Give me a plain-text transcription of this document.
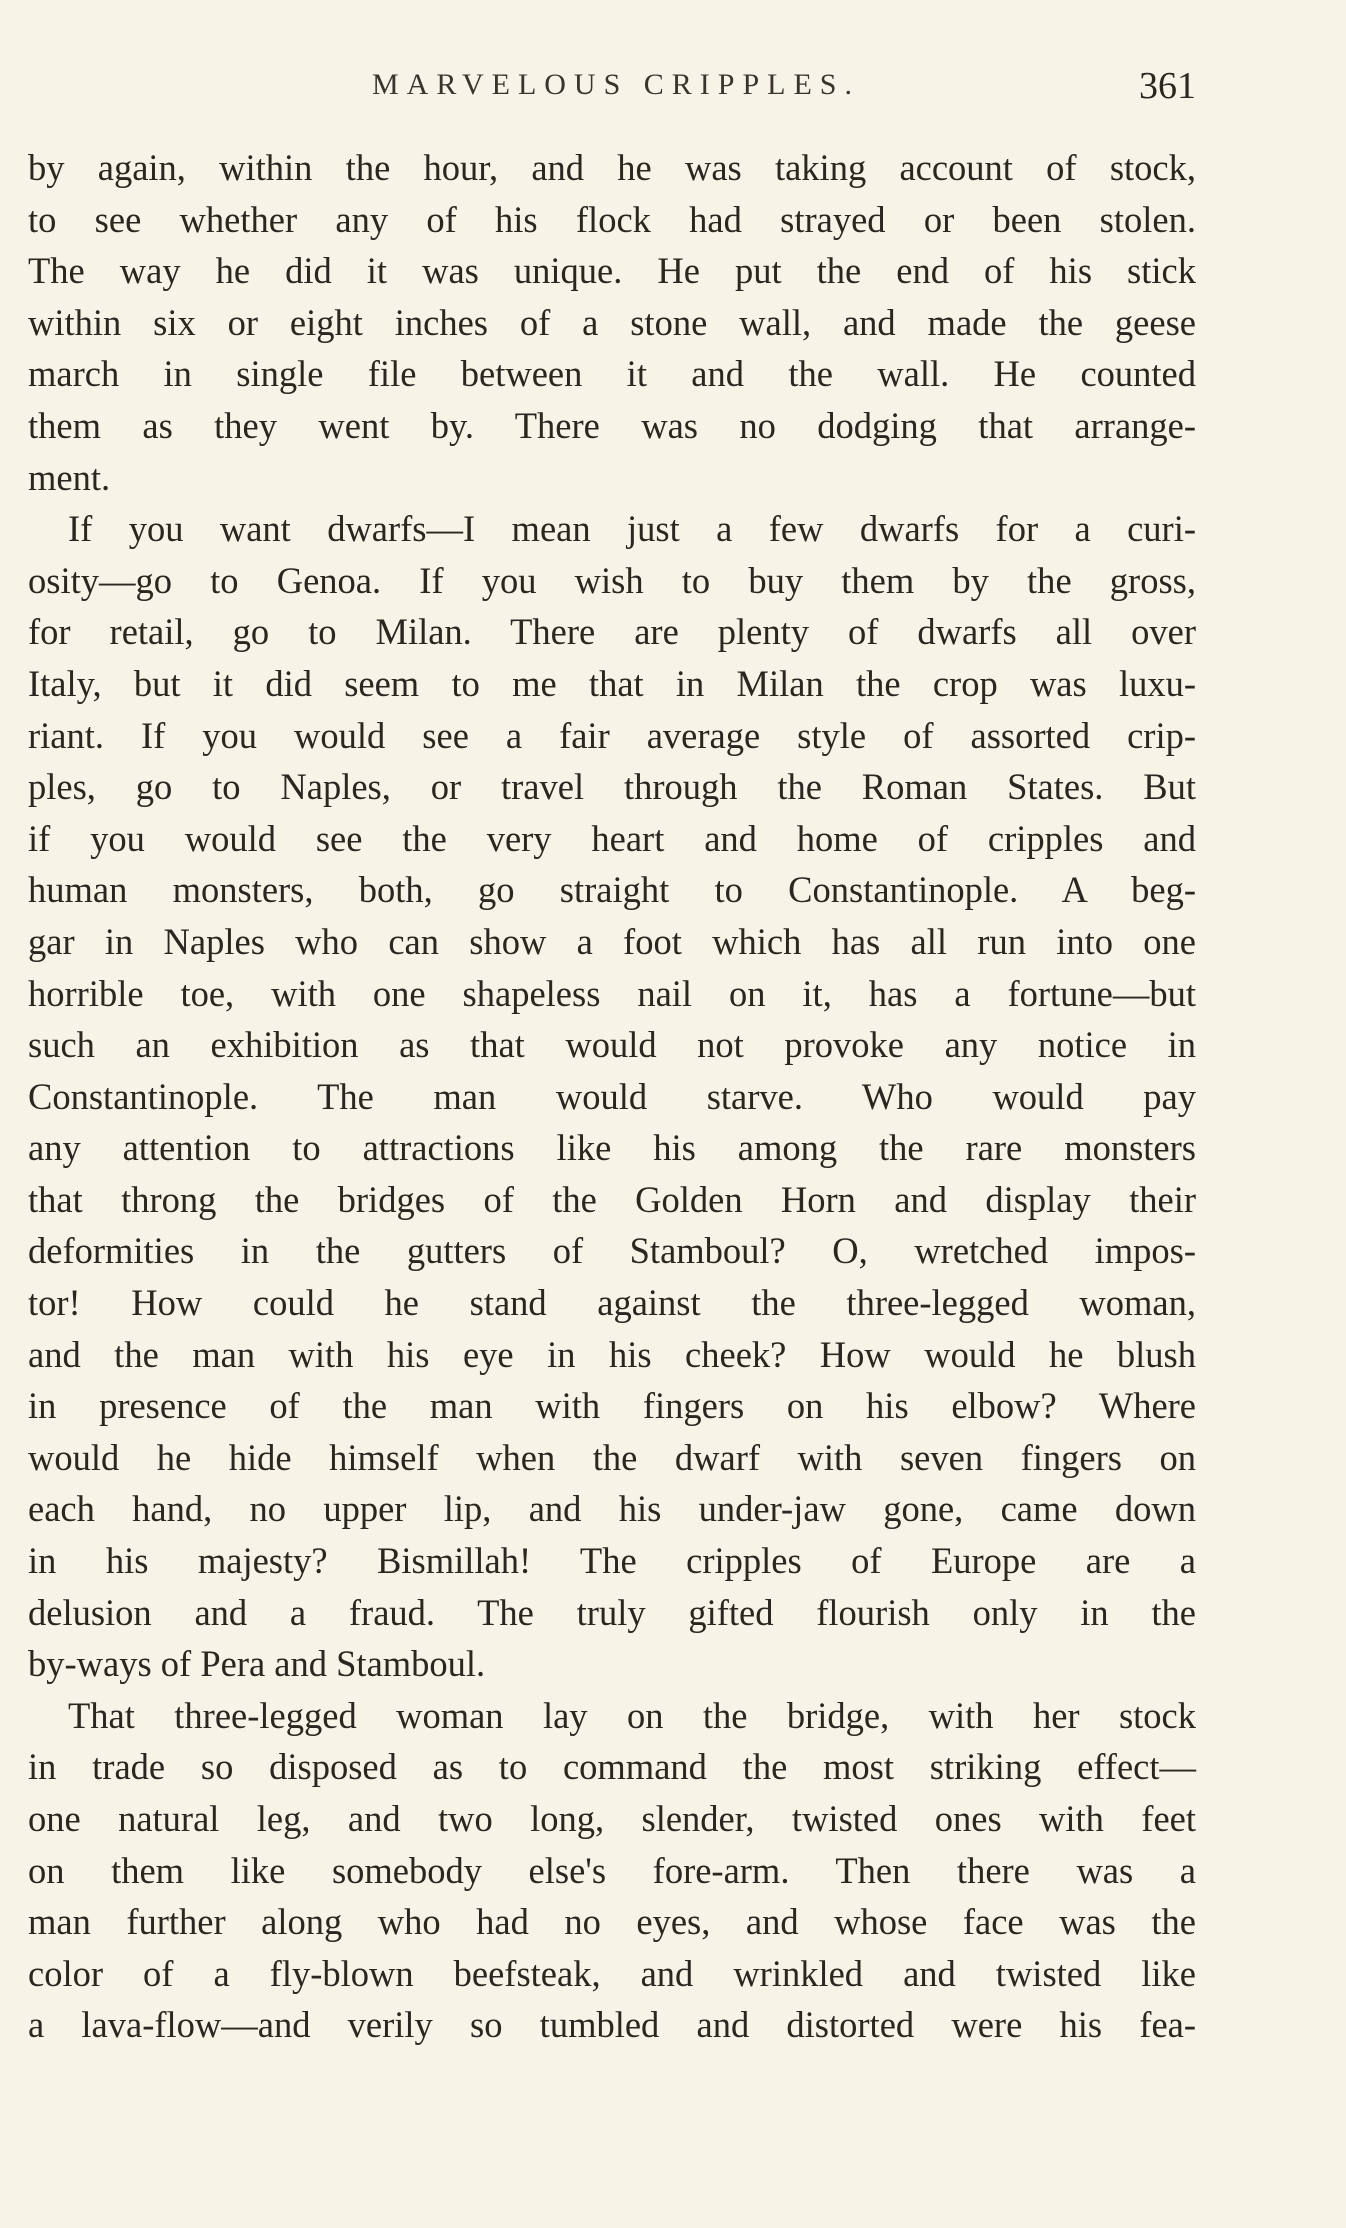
MARVELOUS CRIPPLES.	361
by again, within the hour, and he was taking account of stock,
to see whether any of his flock had strayed or been stolen.
The way he did it was unique. He put the end of his stick
within six or eight inches of a stone wall, and made the geese
march in single file between it and the wall. He counted
them as they went by. There was no dodging that arrange-
ment.
If you want dwarfs—I mean just a few dwarfs for a curi-
osity—go to Genoa. If you wish to buy them by the gross,
for retail, go to Milan. There are plenty of dwarfs all over
Italy, but it did seem to me that in Milan the crop was luxu-
riant. If you would see a fair average style of assorted crip-
ples, go to Naples, or travel through the Roman States. But
if you would see the very heart and home of cripples and
human monsters, both, go straight to Constantinople. A beg-
gar in Naples who can show a foot which has all run into one
horrible toe, with one shapeless nail on it, has a fortune—but
such an exhibition as that would not provoke any notice in
Constantinople. The man would starve. Who would pay
any attention to attractions like his among the rare monsters
that throng the bridges of the Golden Horn and display their
deformities in the gutters of Stamboul? O, wretched impos-
tor! How could he stand against the three-legged woman,
and the man with his eye in his cheek? How would he blush
in presence of the man with fingers on his elbow? Where
would he hide himself when the dwarf with seven fingers on
each hand, no upper lip, and his under-jaw gone, came down
in his majesty? Bismillah! The cripples of Europe are a
delusion and a fraud. The truly gifted flourish only in the
by-ways of Pera and Stamboul.
That three-legged woman lay on the bridge, with her stock
in trade so disposed as to command the most striking effect—
one natural leg, and two long, slender, twisted ones with feet
on them like somebody else's fore-arm. Then there was a
man further along who had no eyes, and whose face was the
color of a fly-blown beefsteak, and wrinkled and twisted like
a lava-flow—and verily so tumbled and distorted were his fea-
